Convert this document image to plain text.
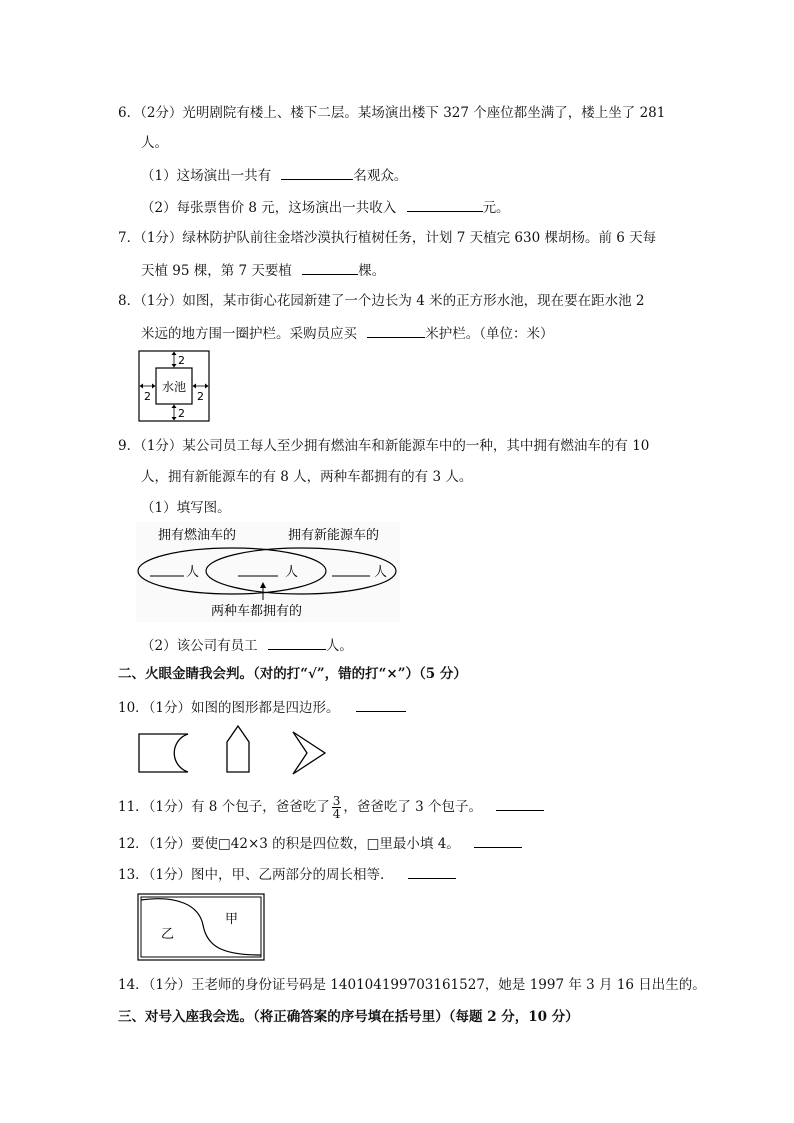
6．（2分）光明剧院有楼上、楼下二层。某场演出楼下 327 个座位都坐满了，楼上坐了 281
人。
（1）这场演出一共有	名观众。
（2）每张票售价 8 元，这场演出一共收入	元。
7．（1分）绿林防护队前往金塔沙漠执行植树任务，计划 7 天植完 630 棵胡杨。前 6 天每
天植 95 棵，第 7 天要植	棵。
8．（1分）如图，某市街心花园新建了一个边长为 4 米的正方形水池，现在要在距水池 2
米远的地方围一圈护栏。采购员应买	米护栏。（单位：米）
水池
2
2
2	2
9．（1分）某公司员工每人至少拥有燃油车和新能源车中的一种，其中拥有燃油车的有 10
人，拥有新能源车的有 8 人，两种车都拥有的有 3 人。
（1）填写图。
拥有燃油车的	拥有新能源车的
人	人	人
两种车都拥有的
（2）该公司有员工	人。
二、火眼金睛我会判。（对的打“√”，错的打“×”）（5 分）
10．（1分）如图的图形都是四边形。
11．（1分）有 8 个包子，爸爸吃了 $\frac{3}{4}$ ，爸爸吃了 3 个包子。
12．（1分）要使□42×3 的积是四位数，□里最小填 4。
13．（1分）图中，甲、乙两部分的周长相等．
甲
乙
14．（1分）王老师的身份证号码是 140104199703161527，她是 1997 年 3 月 16 日出生的。
三、对号入座我会选。（将正确答案的序号填在括号里）（每题 2 分，10 分）
